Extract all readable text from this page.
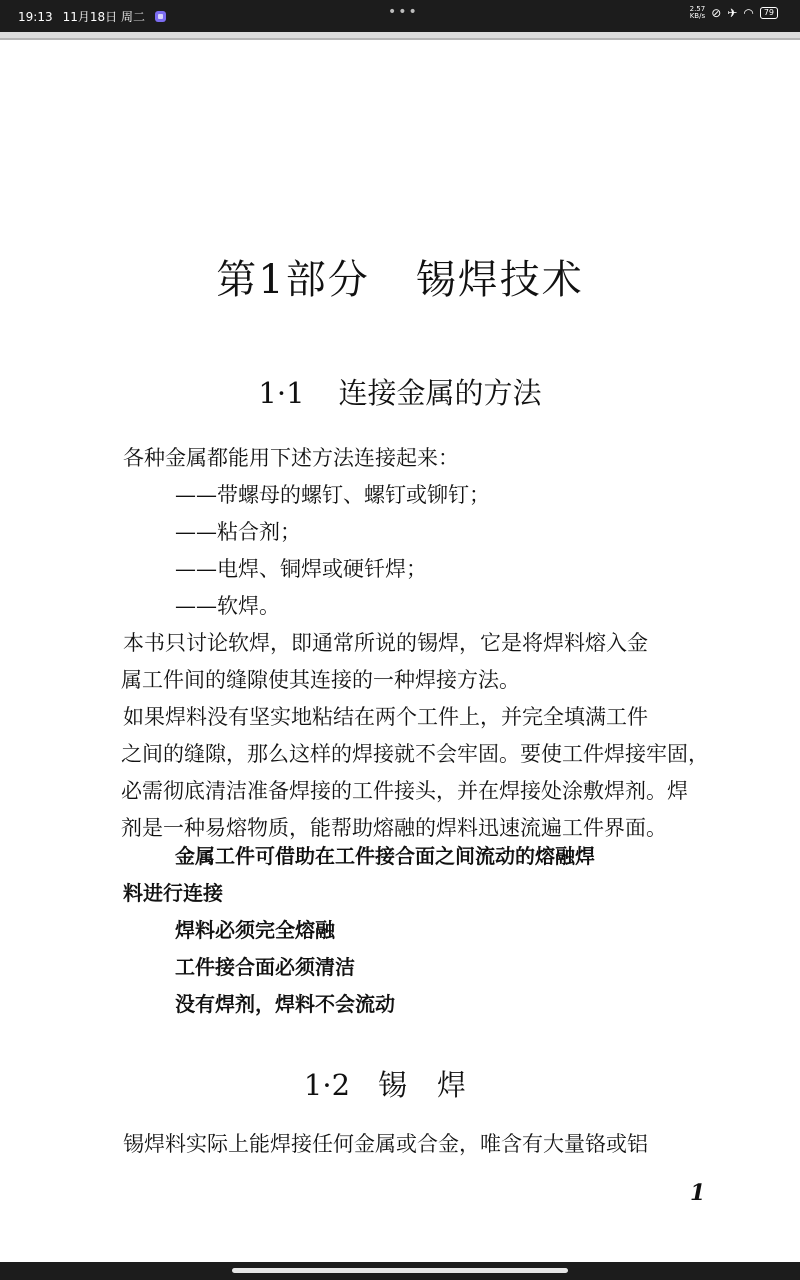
19:13 11月18日 周二	•••	2.57
KB/s ⊘ ✈ ◠	79
第1部分 锡焊技术
1·1 连接金属的方法
各种金属都能用下述方法连接起来：
——带螺母的螺钉、螺钉或铆钉；
——粘合剂；
——电焊、铜焊或硬钎焊；
——软焊。
本书只讨论软焊，即通常所说的锡焊，它是将焊料熔入金
属工件间的缝隙使其连接的一种焊接方法。
如果焊料没有坚实地粘结在两个工件上，并完全填满工件
之间的缝隙，那么这样的焊接就不会牢固。要使工件焊接牢固，
必需彻底清洁准备焊接的工件接头，并在焊接处涂敷焊剂。焊
剂是一种易熔物质，能帮助熔融的焊料迅速流遍工件界面。
金属工件可借助在工件接合面之间流动的熔融焊
料进行连接
焊料必须完全熔融
工件接合面必须清洁
没有焊剂，焊料不会流动
1·2 锡焊
锡焊料实际上能焊接任何金属或合金，唯含有大量铬或铝
1
